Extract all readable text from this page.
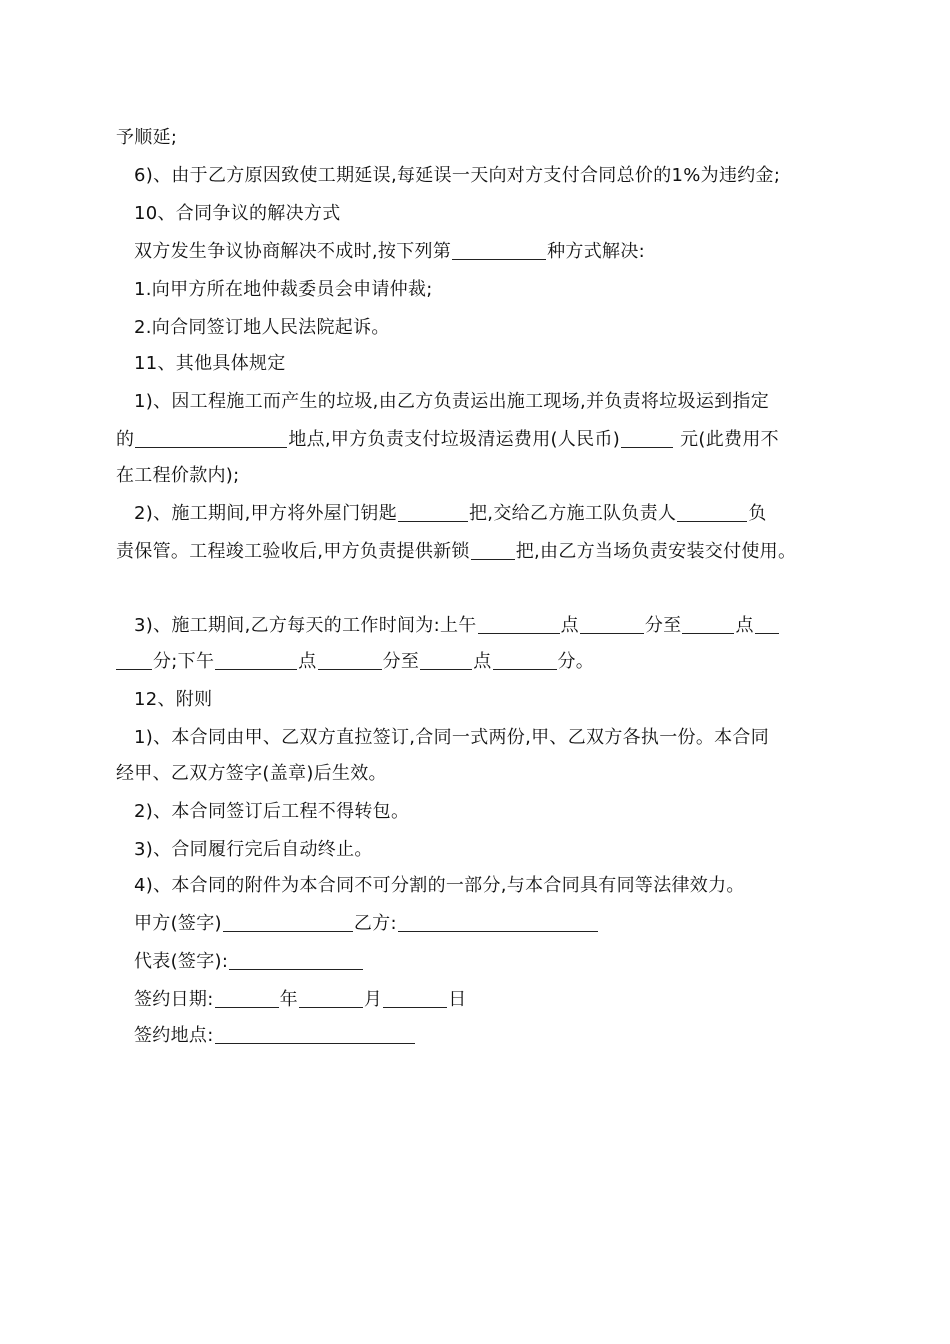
予顺延;
6)、由于乙方原因致使工期延误,每延误一天向对方支付合同总价的1%为违约金;
10、合同争议的解决方式
双方发生争议协商解决不成时,按下列第	种方式解决:
1.向甲方所在地仲裁委员会申请仲裁;
2.向合同签订地人民法院起诉。
11、其他具体规定
1)、因工程施工而产生的垃圾,由乙方负责运出施工现场,并负责将垃圾运到指定
的	地点,甲方负责支付垃圾清运费用(人民币)	元(此费用不
在工程价款内);
2)、施工期间,甲方将外屋门钥匙	把,交给乙方施工队负责人	负
责保管。工程竣工验收后,甲方负责提供新锁	把,由乙方当场负责安装交付使用。
3)、施工期间,乙方每天的工作时间为:上午	点	分至	点
分;下午	点	分至	点	分。
12、附则
1)、本合同由甲、乙双方直拉签订,合同一式两份,甲、乙双方各执一份。本合同
经甲、乙双方签字(盖章)后生效。
2)、本合同签订后工程不得转包。
3)、合同履行完后自动终止。
4)、本合同的附件为本合同不可分割的一部分,与本合同具有同等法律效力。
甲方(签字)	乙方:
代表(签字):
签约日期:	年	月	日
签约地点:
